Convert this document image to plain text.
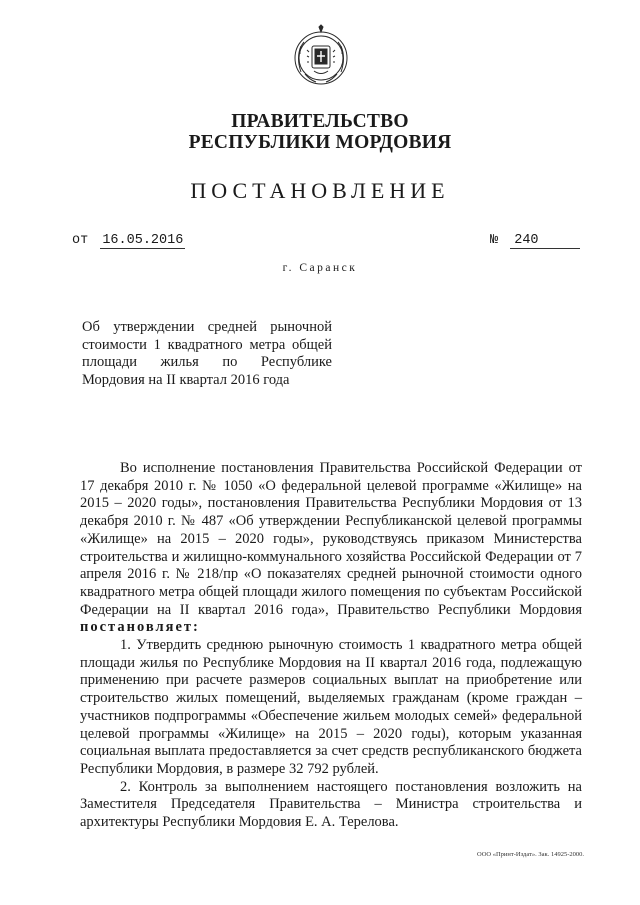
ПРАВИТЕЛЬСТВО
РЕСПУБЛИКИ МОРДОВИЯ
ПОСТАНОВЛЕНИЕ
от 16.05.2016	№ 240
г. Саранск
Об утверждении средней рыночной стоимости 1 квадратного метра общей площади жилья по Республике Мордовия на II квартал 2016 года

Во исполнение постановления Правительства Российской Федерации от 17 декабря 2010 г. № 1050 «О федеральной целевой программе «Жилище» на 2015 – 2020 годы», постановления Правительства Республики Мордовия от 13 декабря 2010 г. № 487 «Об утверждении Республиканской целевой программы «Жилище» на 2015 – 2020 годы», руководствуясь приказом Министерства строительства и жилищно-коммунального хозяйства Российской Федерации от 7 апреля 2016 г. № 218/пр «О показателях средней рыночной стоимости одного квадратного метра общей площади жилого помещения по субъектам Российской Федерации на II квартал 2016 года», Правительство Республики Мордовия постановляет:

1. Утвердить среднюю рыночную стоимость 1 квадратного метра общей площади жилья по Республике Мордовия на II квартал 2016 года, подлежащую применению при расчете размеров социальных выплат на приобретение или строительство жилых помещений, выделяемых гражданам (кроме граждан – участников подпрограммы «Обеспечение жильем молодых семей» федеральной целевой программы «Жилище» на 2015 – 2020 годы), которым указанная социальная выплата предоставляется за счет средств республиканского бюджета Республики Мордовия, в размере 32 792 рублей.

2. Контроль за выполнением настоящего постановления возложить на Заместителя Председателя Правительства – Министра строительства и архитектуры Республики Мордовия Е. А. Терелова.

ООО «Принт-Издат». Зак. 14925-2000.
